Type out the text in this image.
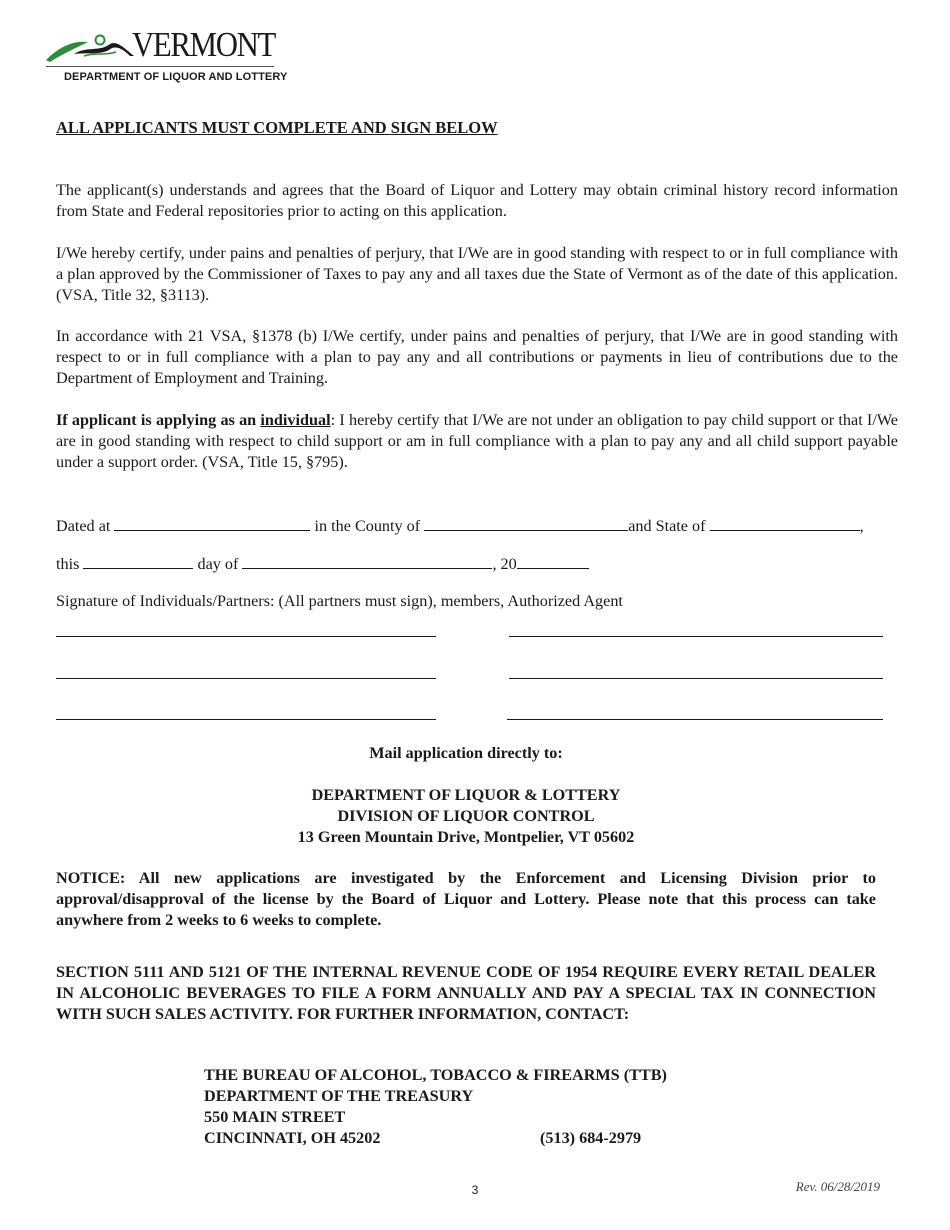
VERMONT
DEPARTMENT OF LIQUOR AND LOTTERY
ALL APPLICANTS MUST COMPLETE AND SIGN BELOW
The applicant(s) understands and agrees that the Board of Liquor and Lottery may obtain criminal history record information from State and Federal repositories prior to acting on this application.
I/We hereby certify, under pains and penalties of perjury, that I/We are in good standing with respect to or in full compliance with a plan approved by the Commissioner of Taxes to pay any and all taxes due the State of Vermont as of the date of this application. (VSA, Title 32, §3113).
In accordance with 21 VSA, §1378 (b) I/We certify, under pains and penalties of perjury, that I/We are in good standing with respect to or in full compliance with a plan to pay any and all contributions or payments in lieu of contributions due to the Department of Employment and Training.
If applicant is applying as an individual: I hereby certify that I/We are not under an obligation to pay child support or that I/We are in good standing with respect to child support or am in full compliance with a plan to pay any and all child support payable under a support order. (VSA, Title 15, §795).
Dated at	in the County of	and State of	,
this	day of	, 20
Signature of Individuals/Partners: (All partners must sign), members, Authorized Agent
Mail application directly to:
DEPARTMENT OF LIQUOR & LOTTERY
DIVISION OF LIQUOR CONTROL
13 Green Mountain Drive, Montpelier, VT 05602
NOTICE: All new applications are investigated by the Enforcement and Licensing Division prior to approval/disapproval of the license by the Board of Liquor and Lottery. Please note that this process can take anywhere from 2 weeks to 6 weeks to complete.
SECTION 5111 AND 5121 OF THE INTERNAL REVENUE CODE OF 1954 REQUIRE EVERY RETAIL DEALER IN ALCOHOLIC BEVERAGES TO FILE A FORM ANNUALLY AND PAY A SPECIAL TAX IN CONNECTION WITH SUCH SALES ACTIVITY. FOR FURTHER INFORMATION, CONTACT:
THE BUREAU OF ALCOHOL, TOBACCO & FIREARMS (TTB)
DEPARTMENT OF THE TREASURY
550 MAIN STREET
CINCINNATI, OH 45202	(513) 684-2979
3	Rev. 06/28/2019
